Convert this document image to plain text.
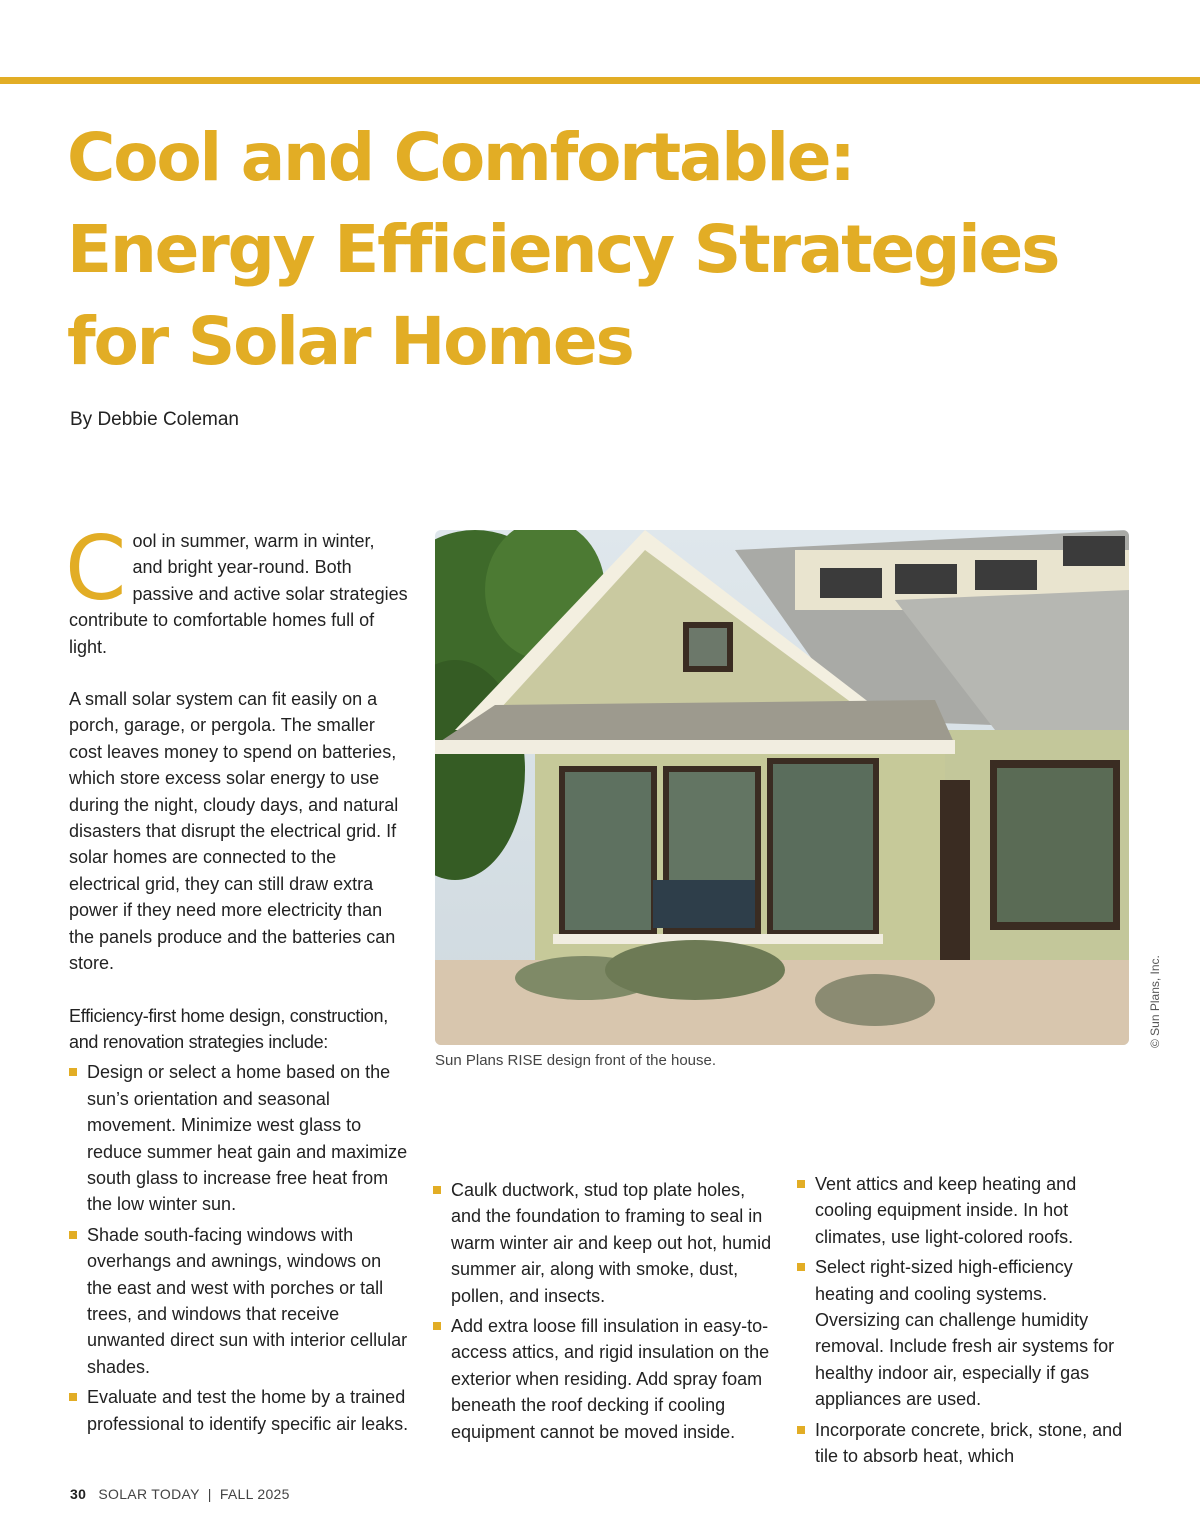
Cool and Comfortable:
Energy Efficiency Strategies
for Solar Homes
By Debbie Coleman

Cool in summer, warm in winter, and bright year-round. Both passive and active solar strategies contribute to comfortable homes full of light.

A small solar system can fit easily on a porch, garage, or pergola. The smaller cost leaves money to spend on batteries, which store excess solar energy to use during the night, cloudy days, and natural disasters that disrupt the electrical grid. If solar homes are connected to the electrical grid, they can still draw extra power if they need more electricity than the panels produce and the batteries can store.

Efficiency-first home design, construction, and renovation strategies include:

Design or select a home based on the sun’s orientation and seasonal movement. Minimize west glass to reduce summer heat gain and maximize south glass to increase free heat from the low winter sun.
Shade south-facing windows with overhangs and awnings, windows on the east and west with porches or tall trees, and windows that receive unwanted direct sun with interior cellular shades.
Evaluate and test the home by a trained professional to identify specific air leaks.
© Sun Plans, Inc.
Sun Plans RISE design front of the house.
Caulk ductwork, stud top plate holes, and the foundation to framing to seal in warm winter air and keep out hot, humid summer air, along with smoke, dust, pollen, and insects.
Add extra loose fill insulation in easy-to-access attics, and rigid insulation on the exterior when residing. Add spray foam beneath the roof decking if cooling equipment cannot be moved inside.
Vent attics and keep heating and cooling equipment inside. In hot climates, use light-colored roofs.
Select right-sized high-efficiency heating and cooling systems. Oversizing can challenge humidity removal. Include fresh air systems for healthy indoor air, especially if gas appliances are used.
Incorporate concrete, brick, stone, and tile to absorb heat, which
30 SOLAR TODAY | FALL 2025
